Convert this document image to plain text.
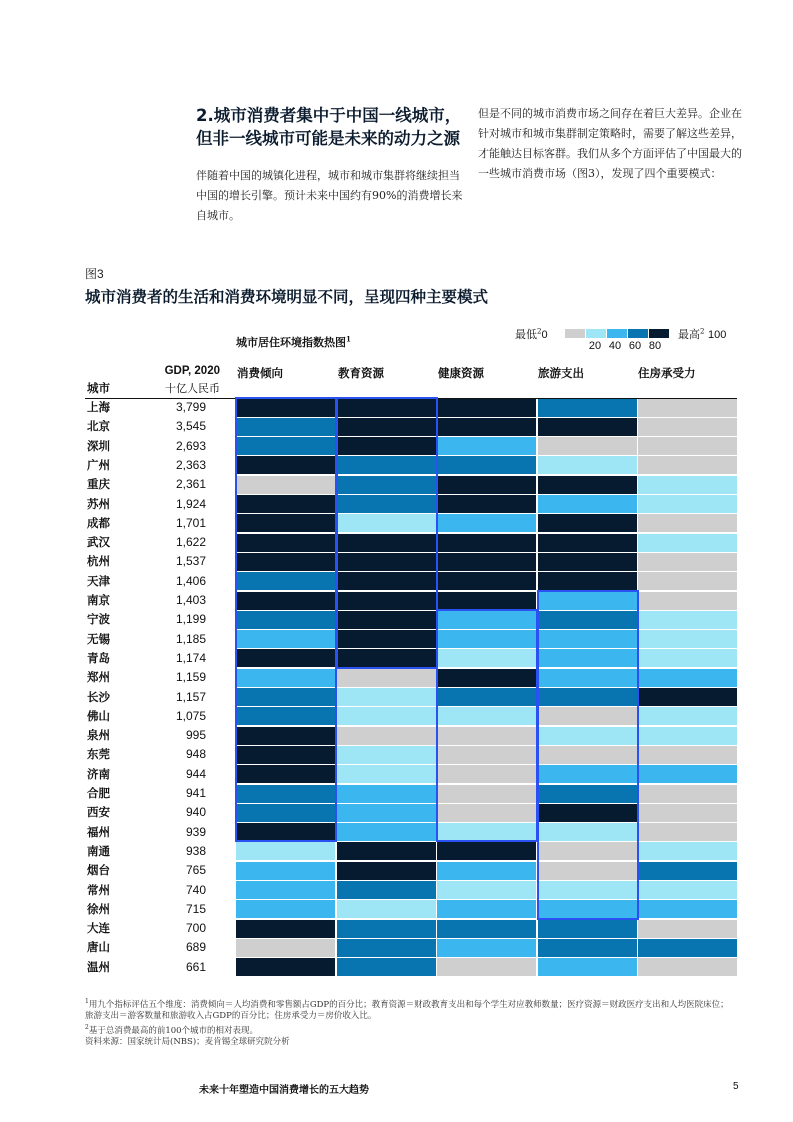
2.城市消费者集中于中国一线城市，但非一线城市可能是未来的动力之源
伴随着中国的城镇化进程，城市和城市集群将继续担当中国的增长引擎。预计未来中国约有90%的消费增长来自城市。
但是不同的城市消费市场之间存在着巨大差异。企业在针对城市和城市集群制定策略时，需要了解这些差异，才能触达目标客群。我们从多个方面评估了中国最大的一些城市消费市场（图3），发现了四个重要模式：
图3
城市消费者的生活和消费环境明显不同，呈现四种主要模式
城市居住环境指数热图$^1$	最低$^2$0	最高$^2$ 100
20 40 60 80
GDP, 2020
十亿人民币
城市
消费倾向	教育资源	健康资源	旅游支出	住房承受力
上海	3,799
北京	3,545
深圳	2,693
广州	2,363
重庆	2,361
苏州	1,924
成都	1,701
武汉	1,622
杭州	1,537
天津	1,406
南京	1,403
宁波	1,199
无锡	1,185
青岛	1,174
郑州	1,159
长沙	1,157
佛山	1,075
泉州	995
东莞	948
济南	944
合肥	941
西安	940
福州	939
南通	938
烟台	765
常州	740
徐州	715
大连	700
唐山	689
温州	661
$^1$用九个指标评估五个维度：消费倾向＝人均消费和零售额占GDP的百分比；教育资源＝财政教育支出和每个学生对应教师数量；医疗资源＝财政医疗支出和人均医院床位；旅游支出＝游客数量和旅游收入占GDP的百分比；住房承受力＝房价收入比。
$^2$基于总消费最高的前100个城市的相对表现。
资料来源：国家统计局(NBS)；麦肯锡全球研究院分析
未来十年塑造中国消费增长的五大趋势	5
